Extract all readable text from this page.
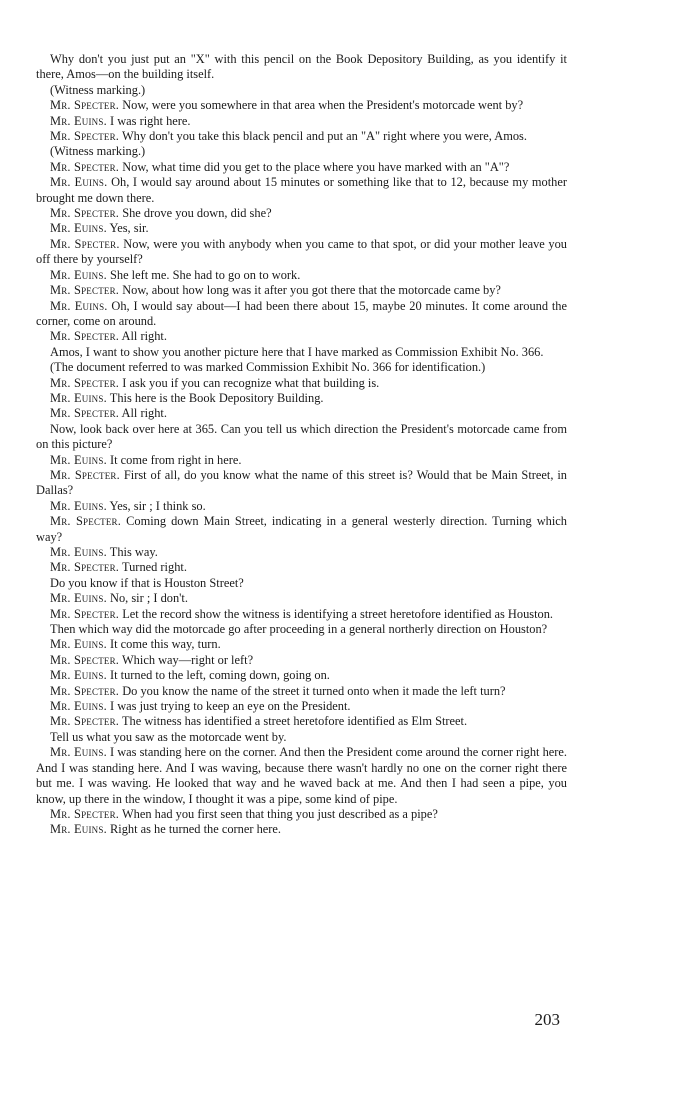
Why don't you just put an "X" with this pencil on the Book Depository Building, as you identify it there, Amos—on the building itself.

(Witness marking.)

Mr. Specter. Now, were you somewhere in that area when the President's motorcade went by?

Mr. Euins. I was right here.

Mr. Specter. Why don't you take this black pencil and put an "A" right where you were, Amos.

(Witness marking.)

Mr. Specter. Now, what time did you get to the place where you have marked with an "A"?

Mr. Euins. Oh, I would say around about 15 minutes or something like that to 12, because my mother brought me down there.

Mr. Specter. She drove you down, did she?

Mr. Euins. Yes, sir.

Mr. Specter. Now, were you with anybody when you came to that spot, or did your mother leave you off there by yourself?

Mr. Euins. She left me. She had to go on to work.

Mr. Specter. Now, about how long was it after you got there that the motorcade came by?

Mr. Euins. Oh, I would say about—I had been there about 15, maybe 20 minutes. It come around the corner, come on around.

Mr. Specter. All right.

Amos, I want to show you another picture here that I have marked as Commission Exhibit No. 366.

(The document referred to was marked Commission Exhibit No. 366 for identification.)

Mr. Specter. I ask you if you can recognize what that building is.

Mr. Euins. This here is the Book Depository Building.

Mr. Specter. All right.

Now, look back over here at 365. Can you tell us which direction the President's motorcade came from on this picture?

Mr. Euins. It come from right in here.

Mr. Specter. First of all, do you know what the name of this street is? Would that be Main Street, in Dallas?

Mr. Euins. Yes, sir ; I think so.

Mr. Specter. Coming down Main Street, indicating in a general westerly direction. Turning which way?

Mr. Euins. This way.

Mr. Specter. Turned right.

Do you know if that is Houston Street?

Mr. Euins. No, sir ; I don't.

Mr. Specter. Let the record show the witness is identifying a street heretofore identified as Houston.

Then which way did the motorcade go after proceeding in a general northerly direction on Houston?

Mr. Euins. It come this way, turn.

Mr. Specter. Which way—right or left?

Mr. Euins. It turned to the left, coming down, going on.

Mr. Specter. Do you know the name of the street it turned onto when it made the left turn?

Mr. Euins. I was just trying to keep an eye on the President.

Mr. Specter. The witness has identified a street heretofore identified as Elm Street.

Tell us what you saw as the motorcade went by.

Mr. Euins. I was standing here on the corner. And then the President come around the corner right here. And I was standing here. And I was waving, because there wasn't hardly no one on the corner right there but me. I was waving. He looked that way and he waved back at me. And then I had seen a pipe, you know, up there in the window, I thought it was a pipe, some kind of pipe.

Mr. Specter. When had you first seen that thing you just described as a pipe?

Mr. Euins. Right as he turned the corner here.

203
